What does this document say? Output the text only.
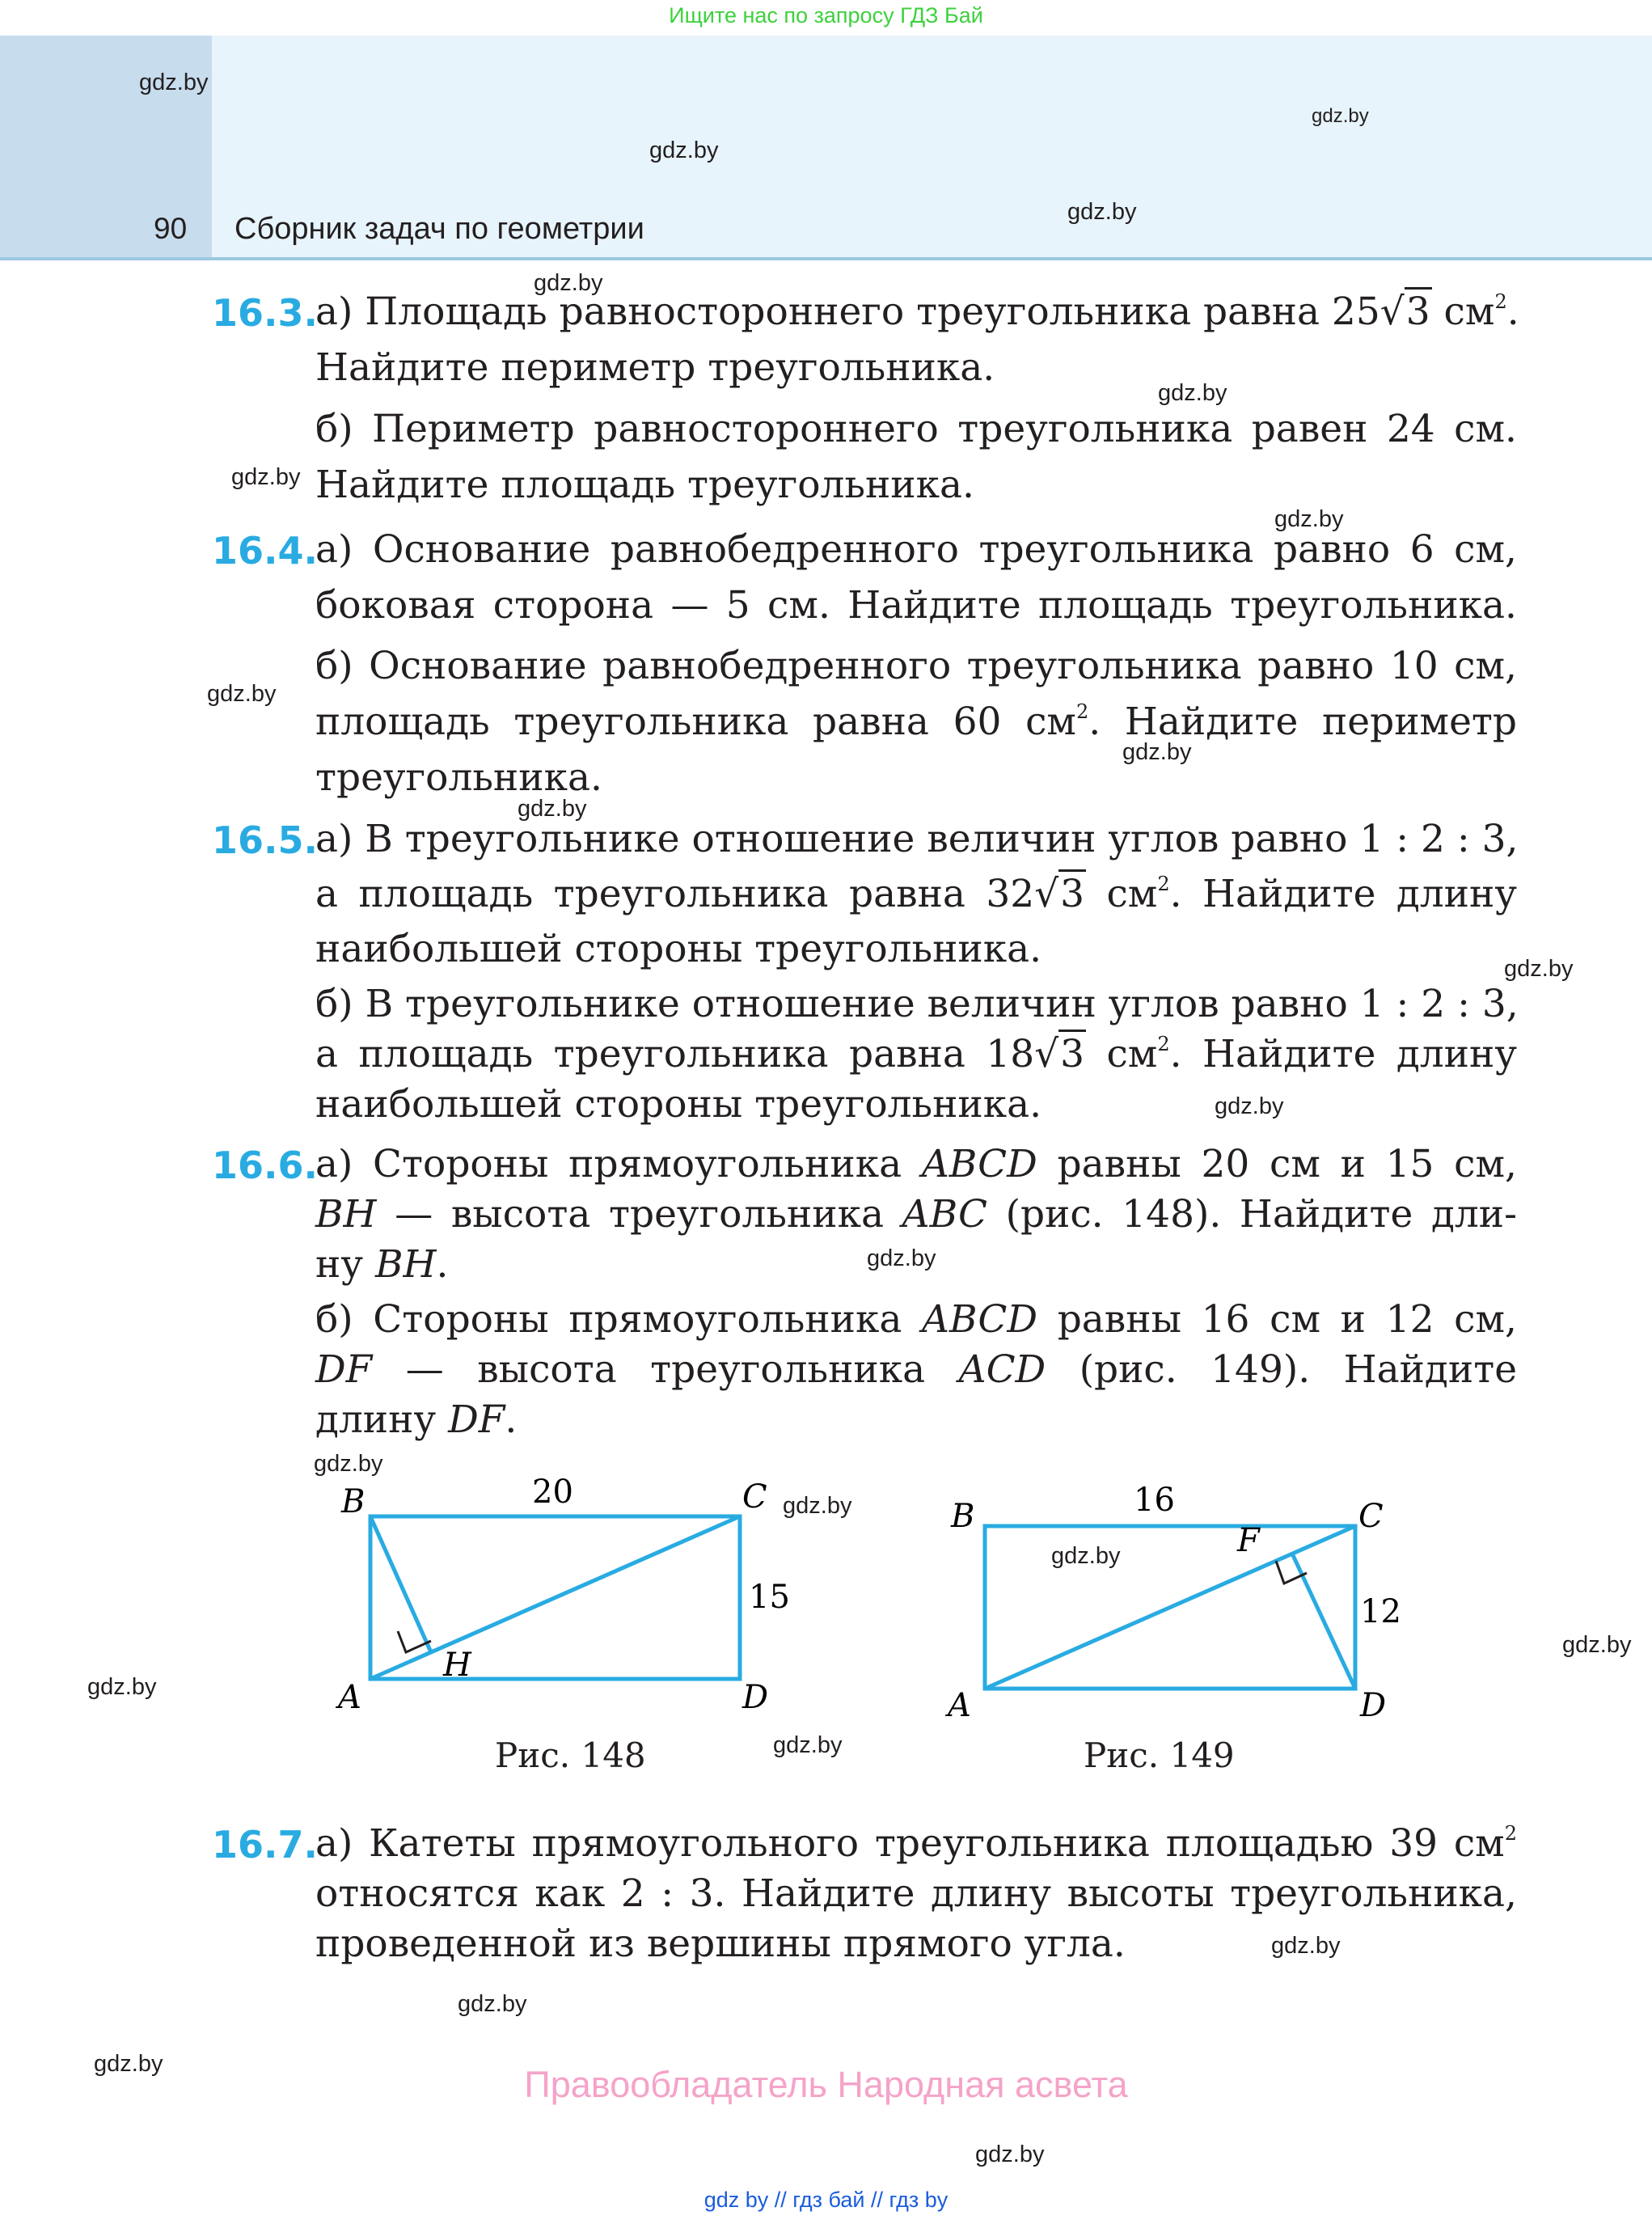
Ищите нас по запросу ГДЗ Бай
90 Сборник задач по геометрии
gdz.by
gdz.by
gdz.by
gdz.by
gdz.by
gdz.by
gdz.by
gdz.by
gdz.by
gdz.by
gdz.by
gdz.by
gdz.by
gdz.by
gdz.by
gdz.by
gdz.by
gdz.by
gdz.by
gdz.by
gdz.by
gdz.by
gdz.by
gdz.by
16.3.
а) Площадь равностороннего треугольника равна 25√3 $см^2$.
Найдите периметр треугольника.
б) Периметр равностороннего треугольника равен 24 см.
Найдите площадь треугольника.
16.4.
а) Основание равнобедренного треугольника равно 6 см,
боковая сторона — 5 см. Найдите площадь треугольника.
б) Основание равнобедренного треугольника равно 10 см,
площадь треугольника равна 60 $см^2$. Найдите периметр
треугольника.
16.5.
а) В треугольнике отношение величин углов равно 1 : 2 : 3,
а площадь треугольника равна 32√3 $см^2$. Найдите длину
наибольшей стороны треугольника.
б) В треугольнике отношение величин углов равно 1 : 2 : 3,
а площадь треугольника равна 18√3 $см^2$. Найдите длину
наибольшей стороны треугольника.
16.6.
а) Стороны прямоугольника ABCD равны 20 см и 15 см,
BH — высота треугольника ABC (рис. 148). Найдите дли-
ну BH.
б) Стороны прямоугольника ABCD равны 16 см и 12 см,
DF — высота треугольника ACD (рис. 149). Найдите
длину DF.
B	C
A	D
H
20
15
Рис. 148
B	C
A	D
F
16
12
Рис. 149
16.7.
а) Катеты прямоугольного треугольника площадью 39 $см^2$
относятся как 2 : 3. Найдите длину высоты треугольника,
проведенной из вершины прямого угла.
Правообладатель Народная асвета
gdz by // гдз бай // гдз by
